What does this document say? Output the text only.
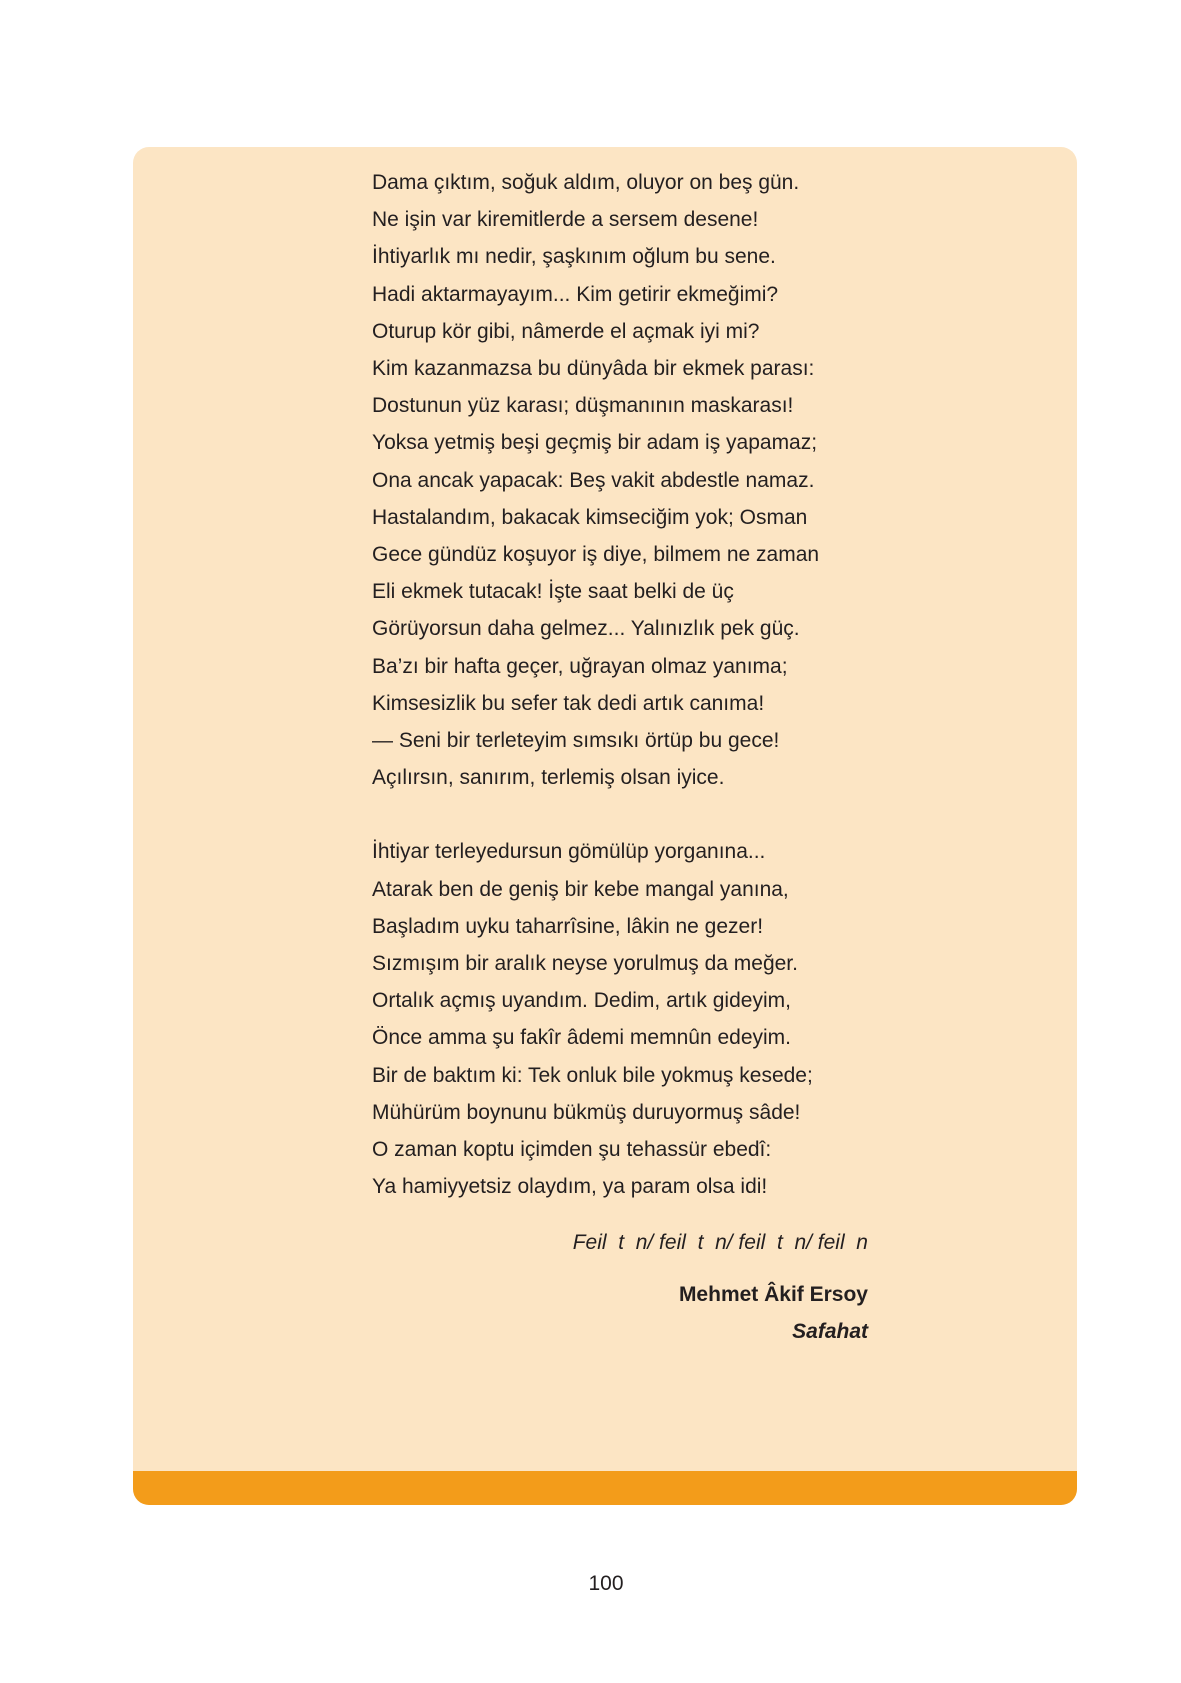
Dama çıktım, soğuk aldım, oluyor on beş gün.
Ne işin var kiremitlerde a sersem desene!
İhtiyarlık mı nedir, şaşkınım oğlum bu sene.
Hadi aktarmayayım... Kim getirir ekmeğimi?
Oturup kör gibi, nâmerde el açmak iyi mi?
Kim kazanmazsa bu dünyâda bir ekmek parası:
Dostunun yüz karası; düşmanının maskarası!
Yoksa yetmiş beşi geçmiş bir adam iş yapamaz;
Ona ancak yapacak: Beş vakit abdestle namaz.
Hastalandım, bakacak kimseciğim yok; Osman
Gece gündüz koşuyor iş diye, bilmem ne zaman
Eli ekmek tutacak! İşte saat belki de üç
Görüyorsun daha gelmez... Yalınızlık pek güç.
Ba’zı bir hafta geçer, uğrayan olmaz yanıma;
Kimsesizlik bu sefer tak dedi artık canıma!
— Seni bir terleteyim sımsıkı örtüp bu gece!
Açılırsın, sanırım, terlemiş olsan iyice.

İhtiyar terleyedursun gömülüp yorganına...
Atarak ben de geniş bir kebe mangal yanına,
Başladım uyku taharrîsine, lâkin ne gezer!
Sızmışım bir aralık neyse yorulmuş da meğer.
Ortalık açmış uyandım. Dedim, artık gideyim,
Önce amma şu fakîr âdemi memnûn edeyim.
Bir de baktım ki: Tek onluk bile yokmuş kesede;
Mühürüm boynunu bükmüş duruyormuş sâde!
O zaman koptu içimden şu tehassür ebedî:
Ya hamiyyetsiz olaydım, ya param olsa idi!

Feil  t  n/ feil  t  n/ feil  t  n/ feil  n
Mehmet Âkif Ersoy
Safahat
100
